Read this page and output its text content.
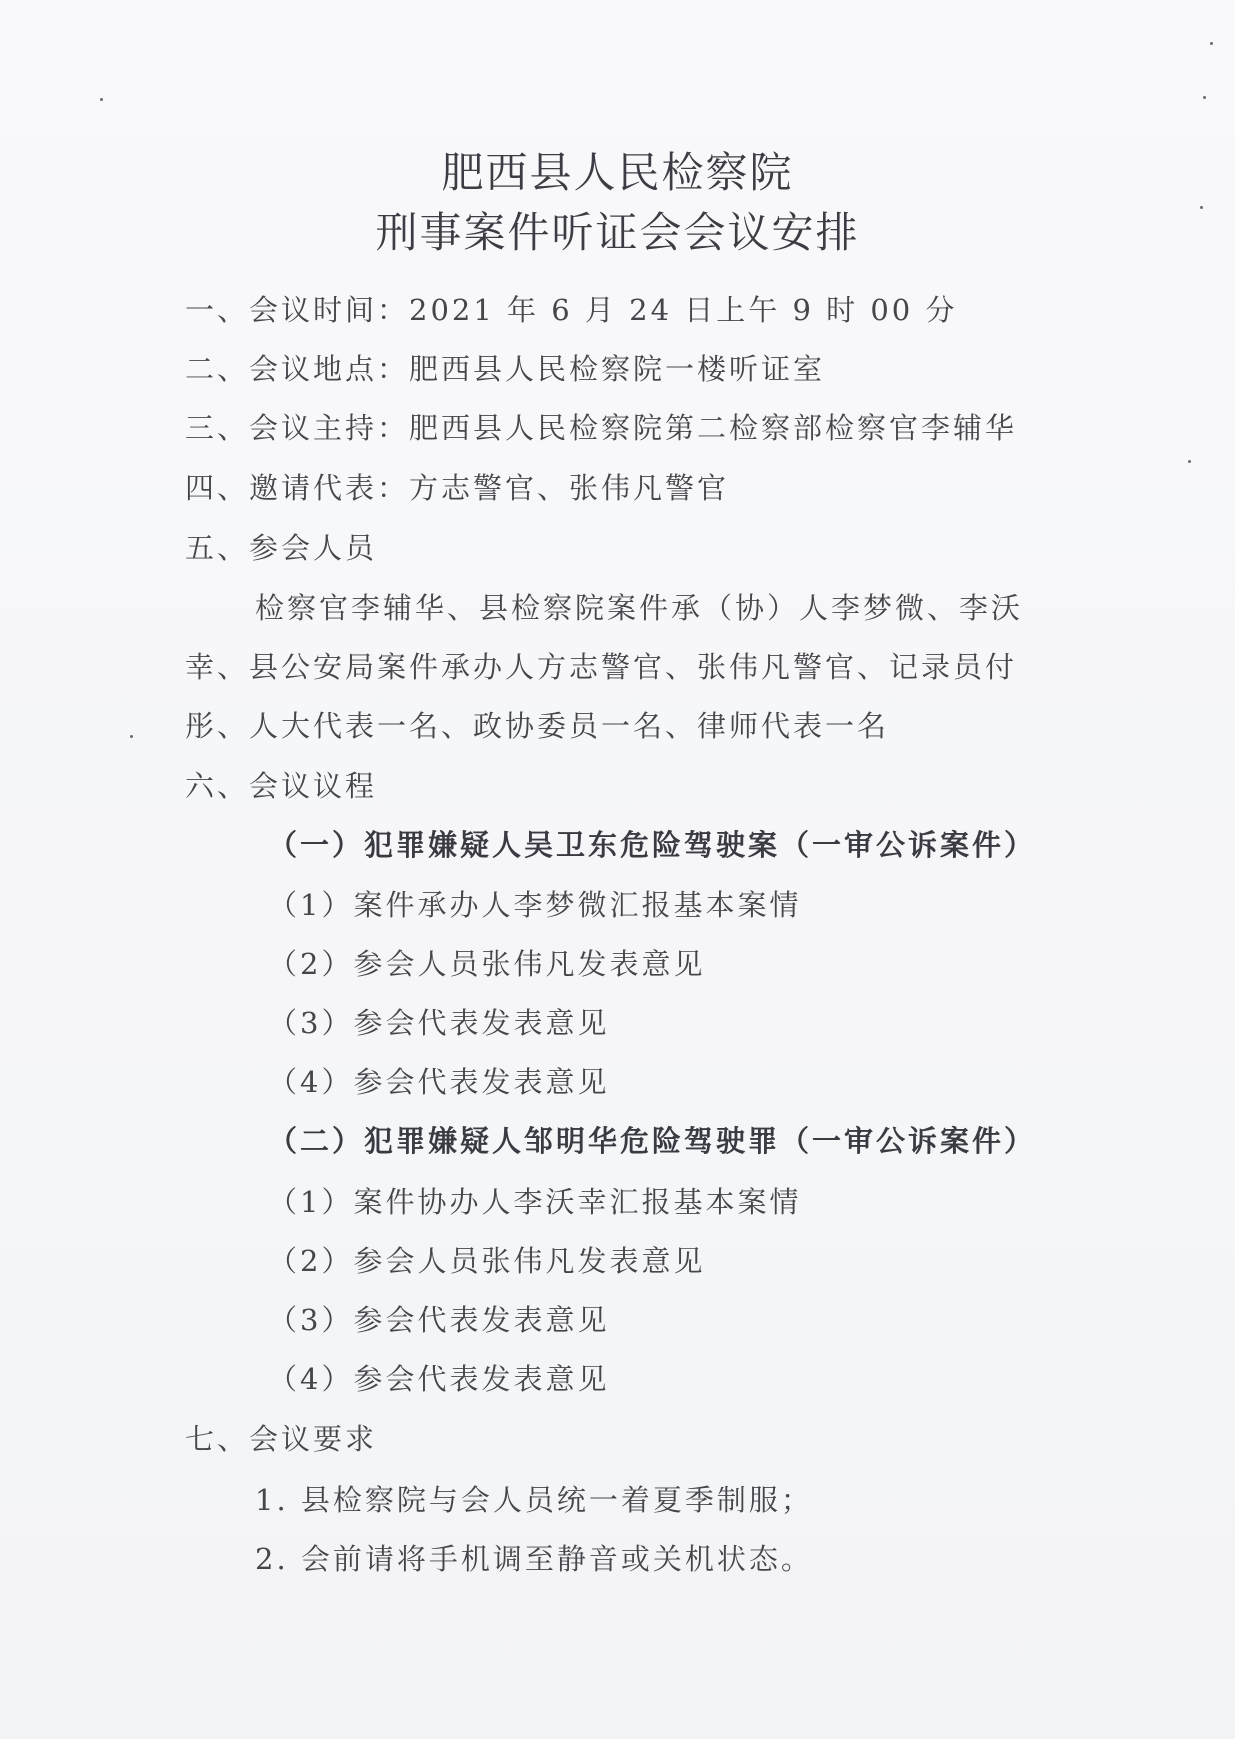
肥西县人民检察院
刑事案件听证会会议安排
一、会议时间：2021 年 6 月 24 日上午 9 时 00 分
二、会议地点：肥西县人民检察院一楼听证室
三、会议主持：肥西县人民检察院第二检察部检察官李辅华
四、邀请代表：方志警官、张伟凡警官
五、参会人员
检察官李辅华、县检察院案件承（协）人李梦微、李沃
幸、县公安局案件承办人方志警官、张伟凡警官、记录员付
彤、人大代表一名、政协委员一名、律师代表一名
六、会议议程
（一）犯罪嫌疑人吴卫东危险驾驶案（一审公诉案件）
（1）案件承办人李梦微汇报基本案情
（2）参会人员张伟凡发表意见
（3）参会代表发表意见
（4）参会代表发表意见
（二）犯罪嫌疑人邹明华危险驾驶罪（一审公诉案件）
（1）案件协办人李沃幸汇报基本案情
（2）参会人员张伟凡发表意见
（3）参会代表发表意见
（4）参会代表发表意见
七、会议要求
1. 县检察院与会人员统一着夏季制服；
2. 会前请将手机调至静音或关机状态。
